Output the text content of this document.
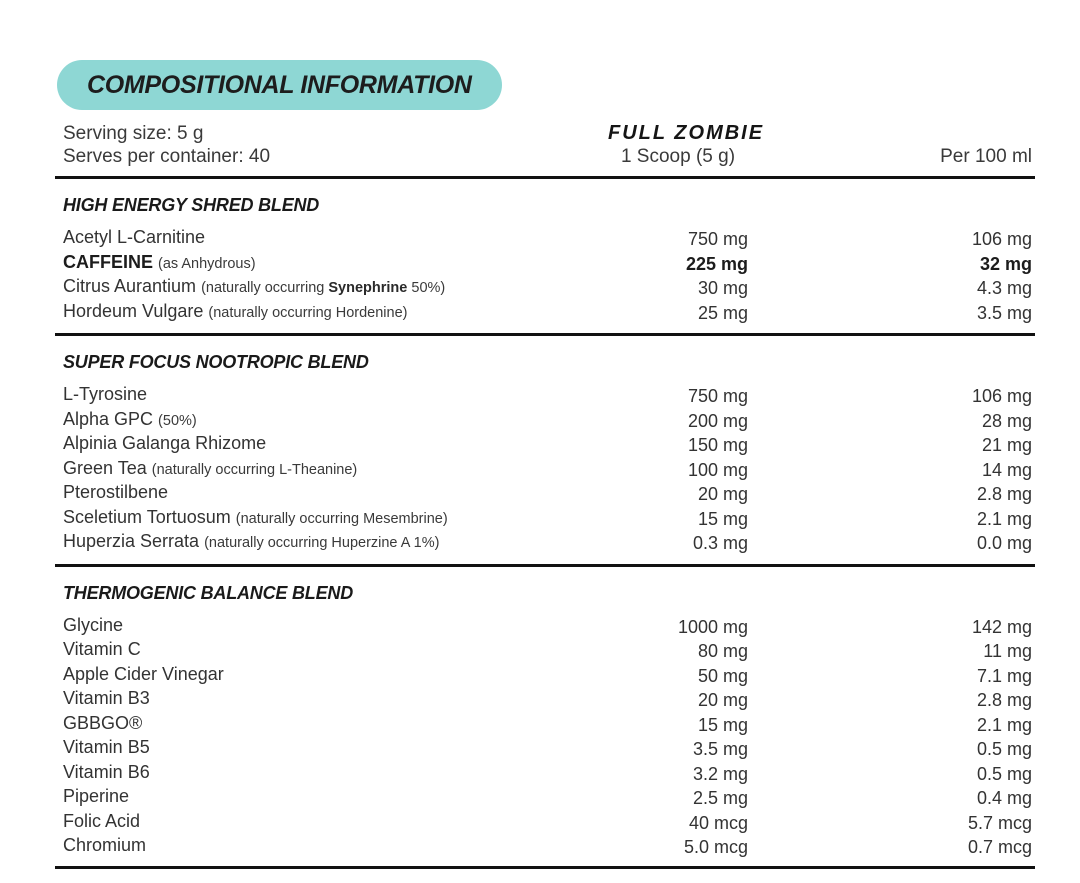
COMPOSITIONAL INFORMATION
Serving size: 5 g
Serves per container: 40
FULL ZOMBIE
1 Scoop (5 g)	Per 100 ml
HIGH ENERGY SHRED BLEND
Acetyl L-Carnitine	750 mg	106 mg
CAFFEINE (as Anhydrous)	225 mg	32 mg
Citrus Aurantium (naturally occurring Synephrine 50%)	30 mg	4.3 mg
Hordeum Vulgare (naturally occurring Hordenine)	25 mg	3.5 mg
SUPER FOCUS NOOTROPIC BLEND
L-Tyrosine	750 mg	106 mg
Alpha GPC (50%)	200 mg	28 mg
Alpinia Galanga Rhizome	150 mg	21 mg
Green Tea (naturally occurring L-Theanine)	100 mg	14 mg
Pterostilbene	20 mg	2.8 mg
Sceletium Tortuosum (naturally occurring Mesembrine)	15 mg	2.1 mg
Huperzia Serrata (naturally occurring Huperzine A 1%)	0.3 mg	0.0 mg
THERMOGENIC BALANCE BLEND
Glycine	1000 mg	142 mg
Vitamin C	80 mg	11 mg
Apple Cider Vinegar	50 mg	7.1 mg
Vitamin B3	20 mg	2.8 mg
GBBGO®	15 mg	2.1 mg
Vitamin B5	3.5 mg	0.5 mg
Vitamin B6	3.2 mg	0.5 mg
Piperine	2.5 mg	0.4 mg
Folic Acid	40 mcg	5.7 mcg
Chromium	5.0 mcg	0.7 mcg
